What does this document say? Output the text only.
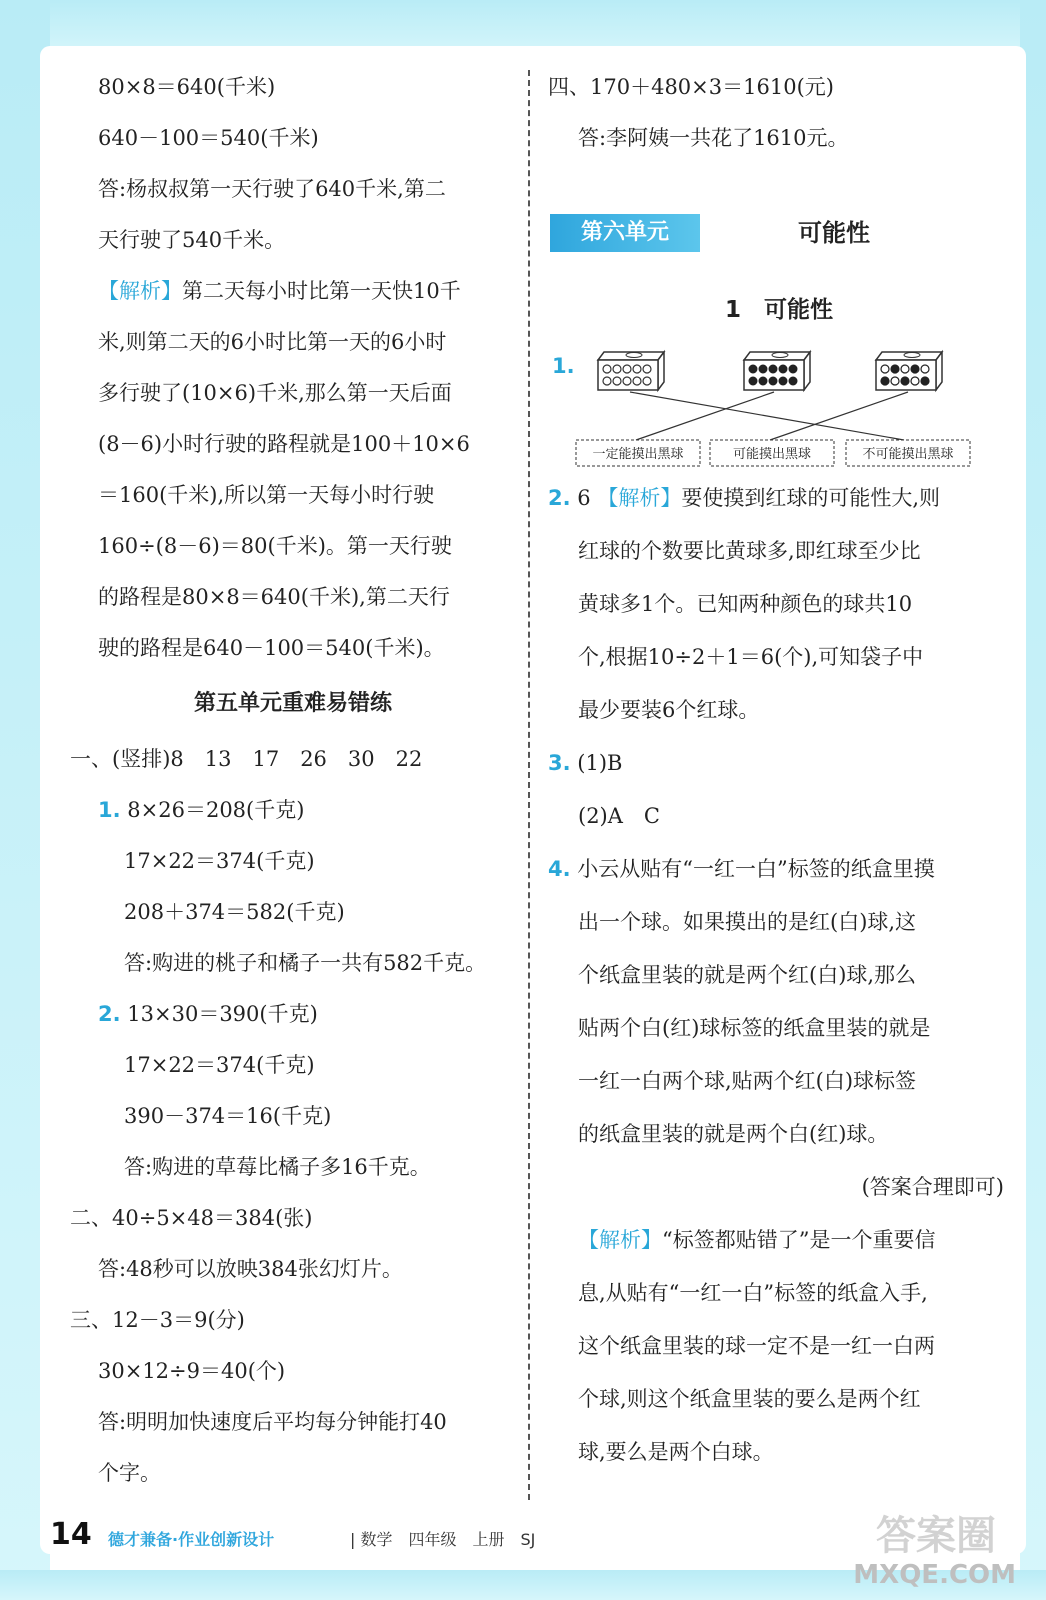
80×8＝640(千米)
640－100＝540(千米)
答:杨叔叔第一天行驶了640千米,第二
天行驶了540千米。
【解析】第二天每小时比第一天快10千
米,则第二天的6小时比第一天的6小时
多行驶了(10×6)千米,那么第一天后面
(8－6)小时行驶的路程就是100＋10×6
＝160(千米),所以第一天每小时行驶
160÷(8－6)＝80(千米)。第一天行驶
的路程是80×8＝640(千米),第二天行
驶的路程是640－100＝540(千米)。
第五单元重难易错练
一、(竖排)8　13　17　26　30　22
1. 8×26＝208(千克)
17×22＝374(千克)
208＋374＝582(千克)
答:购进的桃子和橘子一共有582千克。
2. 13×30＝390(千克)
17×22＝374(千克)
390－374＝16(千克)
答:购进的草莓比橘子多16千克。
二、40÷5×48＝384(张)
答:48秒可以放映384张幻灯片。
三、12－3＝9(分)
30×12÷9＝40(个)
答:明明加快速度后平均每分钟能打40
个字。
四、170＋480×3＝1610(元)
答:李阿姨一共花了1610元。
第六单元	可能性
1　可能性
1.
一定能摸出黑球	可能摸出黑球	不可能摸出黑球
2. 6 【解析】要使摸到红球的可能性大,则
红球的个数要比黄球多,即红球至少比
黄球多1个。已知两种颜色的球共10
个,根据10÷2＋1＝6(个),可知袋子中
最少要装6个红球。
3. (1)B
(2)A　C
4. 小云从贴有“一红一白”标签的纸盒里摸
出一个球。如果摸出的是红(白)球,这
个纸盒里装的就是两个红(白)球,那么
贴两个白(红)球标签的纸盒里装的就是
一红一白两个球,贴两个红(白)球标签
的纸盒里装的就是两个白(红)球。
(答案合理即可)
【解析】“标签都贴错了”是一个重要信
息,从贴有“一红一白”标签的纸盒入手,
这个纸盒里装的球一定不是一红一白两
个球,则这个纸盒里装的要么是两个红
球,要么是两个白球。
14 德才兼备·作业创新设计	| 数学　四年级　上册　SJ	答案圈
MXQE.COM
